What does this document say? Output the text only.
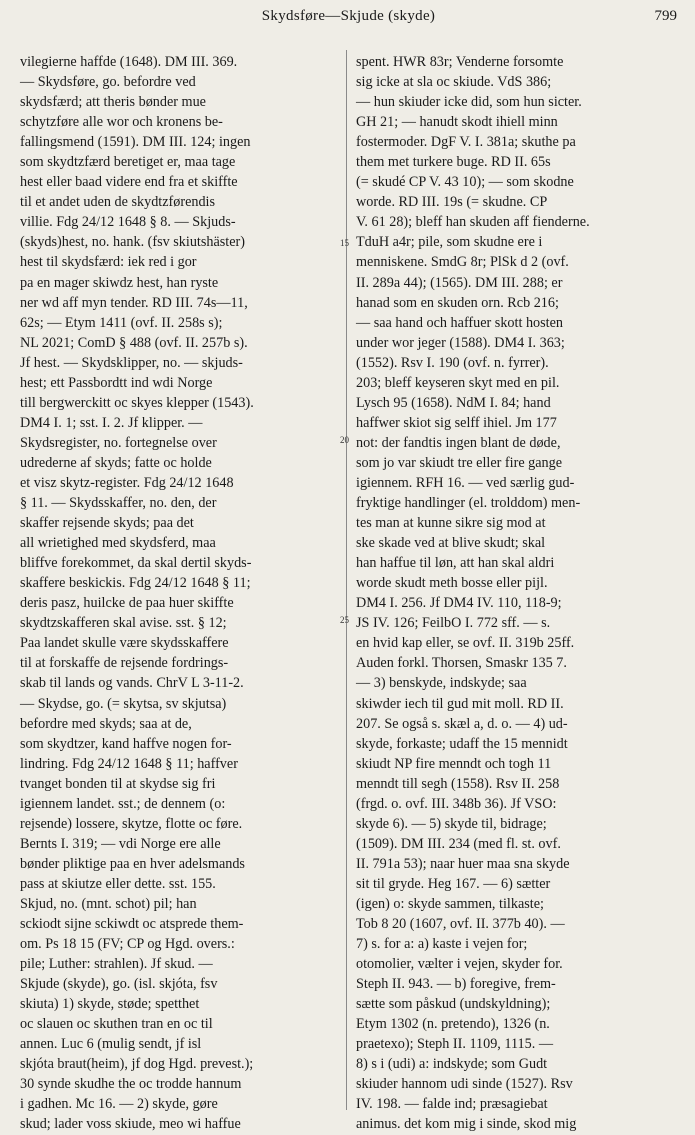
Skydsføre—Skjude (skyde)	799
15
20
25
vilegierne haffde (1648). DM III. 369.
— Skydsføre, go. befordre ved
skydsfærd; att theris bønder mue
schytzføre alle wor och kronens be-
fallingsmend (1591). DM III. 124; ingen
som skydtzfærd beretiget er, maa tage
hest eller baad videre end fra et skiffte
til et andet uden de skydtzførendis
villie. Fdg 24/12 1648 § 8. — Skjuds-
(skyds)hest, no. hank. (fsv skiutshäster)
hest til skydsfærd: iek red i gor
pa en mager skiwdz hest, han ryste
ner wd aff myn tender. RD III. 74s—11,
62s; — Etym 1411 (ovf. II. 258s s);
NL 2021; ComD § 488 (ovf. II. 257b s).
Jf hest. — Skydsklipper, no. — skjuds-
hest; ett Passbordtt ind wdi Norge
till bergwerckitt oc skyes klepper (1543).
DM4 I. 1; sst. I. 2. Jf klipper. —
Skydsregister, no. fortegnelse over
udrederne af skyds; fatte oc holde
et visz skytz-register. Fdg 24/12 1648
§ 11. — Skydsskaffer, no. den, der
skaffer rejsende skyds; paa det
all wrietighed med skydsferd, maa
bliffve forekommet, da skal dertil skyds-
skaffere beskickis. Fdg 24/12 1648 § 11;
deris pasz, huilcke de paa huer skiffte
skydtzskafferen skal avise. sst. § 12;
Paa landet skulle være skydsskaffere
til at forskaffe de rejsende fordrings-
skab til lands og vands. ChrV L 3-11-2.
— Skydse, go. (= skytsa, sv skjutsa)
befordre med skyds; saa at de,
som skydtzer, kand haffve nogen for-
lindring. Fdg 24/12 1648 § 11; haffver
tvanget bonden til at skydse sig fri
igiennem landet. sst.; de dennem (o:
rejsende) lossere, skytze, flotte oc føre.
Bernts I. 319; — vdi Norge ere alle
bønder pliktige paa en hver adelsmands
pass at skiutze eller dette. sst. 155.
Skjud, no. (mnt. schot) pil; han
sckiodt sijne sckiwdt oc atsprede them-
om. Ps 18 15 (FV; CP og Hgd. overs.:
pile; Luther: strahlen). Jf skud. —
Skjude (skyde), go. (isl. skjóta, fsv
skiuta) 1) skyde, støde; spetthet
oc slauen oc skuthen tran en oc til
annen. Luc 6 (mulig sendt, jf isl
skjóta braut(heim), jf dog Hgd. prevest.);
30 synde skudhe the oc trodde hannum
i gadhen. Mc 16. — 2) skyde, gøre
skud; lader voss skiude, meo wi haffue
spent. HWR 83r; Venderne forsomte
sig icke at sla oc skiude. VdS 386;
— hun skiuder icke did, som hun sicter.
GH 21; — hanudt skodt ihiell minn
fostermoder. DgF V. I. 381a; skuthe pa
them met turkere buge. RD II. 65s
(= skudé CP V. 43 10); — som skodne
worde. RD III. 19s (= skudne. CP
V. 61 28); bleff han skuden aff fienderne.
TduH a4r; pile, som skudne ere i
menniskene. SmdG 8r; PlSk d 2 (ovf.
II. 289a 44); (1565). DM III. 288; er
hanad som en skuden orn. Rcb 216;
— saa hand och haffuer skott hosten
under wor jeger (1588). DM4 I. 363;
(1552). Rsv I. 190 (ovf. n. fyrrer).
203; bleff keyseren skyt med en pil.
Lysch 95 (1658). NdM I. 84; hand
haffwer skiot sig selff ihiel. Jm 177
not: der fandtis ingen blant de døde,
som jo var skiudt tre eller fire gange
igiennem. RFH 16. — ved særlig gud-
fryktige handlinger (el. trolddom) men-
tes man at kunne sikre sig mod at
ske skade ved at blive skudt; skal
han haffue til løn, att han skal aldri
worde skudt meth bosse eller pijl.
DM4 I. 256. Jf DM4 IV. 110, 118-9;
JS IV. 126; FeilbO I. 772 sff. — s.
en hvid kap eller, se ovf. II. 319b 25ff.
Auden forkl. Thorsen, Smaskr 135 7.
— 3) benskyde, indskyde; saa
skiwder iech til gud mit moll. RD II.
207. Se også s. skæl a, d. o. — 4) ud-
skyde, forkaste; udaff the 15 mennidt
skiudt NP fire menndt och togh 11
menndt till segh (1558). Rsv II. 258
(frgd. o. ovf. III. 348b 36). Jf VSO:
skyde 6). — 5) skyde til, bidrage;
(1509). DM III. 234 (med fl. st. ovf.
II. 791a 53); naar huer maa sna skyde
sit til gryde. Heg 167. — 6) sætter
(igen) o: skyde sammen, tilkaste;
Tob 8 20 (1607, ovf. II. 377b 40). —
7) s. for a: a) kaste i vejen for;
otomolier, vælter i vejen, skyder for.
Steph II. 943. — b) foregive, frem-
sætte som påskud (undskyldning);
Etym 1302 (n. pretendo), 1326 (n.
praetexo); Steph II. 1109, 1115. —
8) s i (udi) a: indskyde; som Gudt
skiuder hannom udi sinde (1527). Rsv
IV. 198. — falde ind; præsagiebat
animus. det kom mig i sinde, skod mig
